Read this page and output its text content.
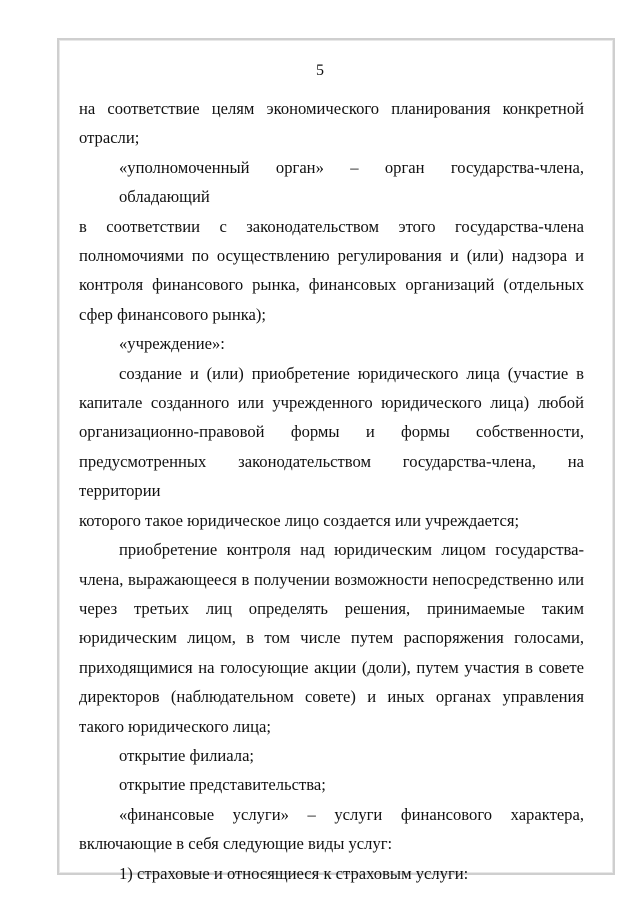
5

на соответствие целям экономического планирования конкретной
отрасли;

«уполномоченный орган» – орган государства-члена, обладающий
в соответствии с законодательством этого государства-члена
полномочиями по осуществлению регулирования и (или) надзора и
контроля финансового рынка, финансовых организаций (отдельных
сфер финансового рынка);

«учреждение»:

создание и (или) приобретение юридического лица (участие в
капитале созданного или учрежденного юридического лица) любой
организационно-правовой формы и формы собственности,
предусмотренных законодательством государства-члена, на территории
которого такое юридическое лицо создается или учреждается;

приобретение контроля над юридическим лицом государства-
члена, выражающееся в получении возможности непосредственно или
через третьих лиц определять решения, принимаемые таким
юридическим лицом, в том числе путем распоряжения голосами,
приходящимися на голосующие акции (доли), путем участия в совете
директоров (наблюдательном совете) и иных органах управления
такого юридического лица;

открытие филиала;

открытие представительства;

«финансовые услуги» – услуги финансового характера,
включающие в себя следующие виды услуг:

1) страховые и относящиеся к страховым услуги:
